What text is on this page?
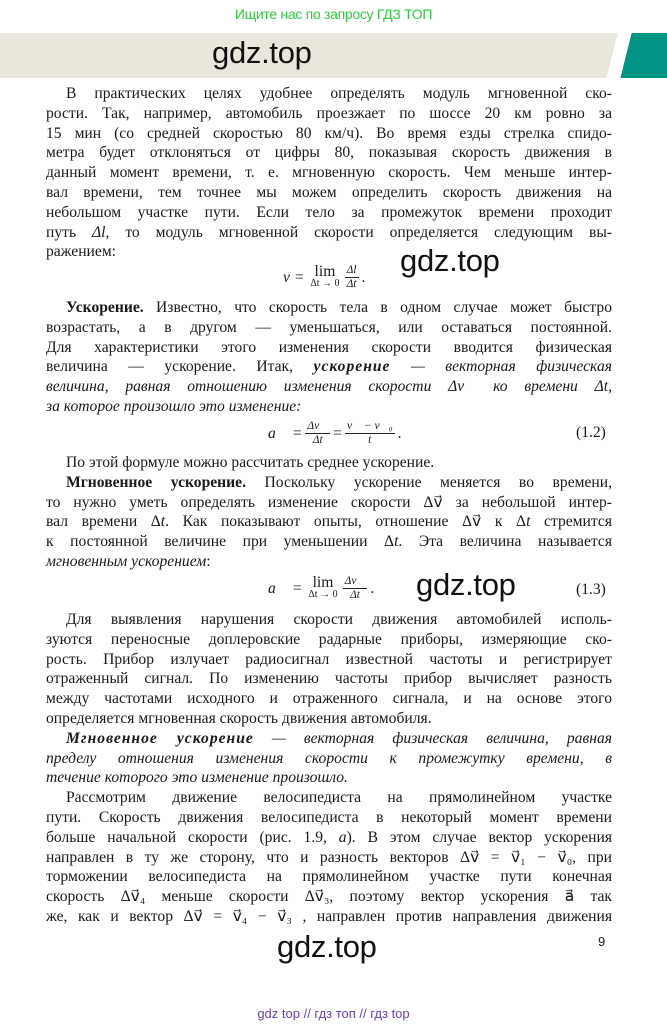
Ищите нас по запросу ГДЗ ТОП
gdz.top
gdz.top
gdz.top
gdz.top
В практических целях удобнее определять модуль мгновенной ско-
рости. Так, например, автомобиль проезжает по шоссе 20 км ровно за
15 мин (со средней скоростью 80 км/ч). Во время езды стрелка спидо-
метра будет отклоняться от цифры 80, показывая скорость движения в
данный момент времени, т. е. мгновенную скорость. Чем меньше интер-
вал времени, тем точнее мы можем определить скорость движения на
небольшом участке пути. Если тело за промежуток времени проходит
путь Δl, то модуль мгновенной скорости определяется следующим вы-
ражением:
v = lim
$\Delta t \to 0 \frac{\Delta l}{\Delta t}$ .
Ускорение. Известно, что скорость тела в одном случае может быстро
возрастать, а в другом — уменьшаться, или оставаться постоянной.
Для характеристики этого изменения скорости вводится физическая
величина — ускорение. Итак, ускорение — векторная физическая
величина, равная отношению изменения скорости Δv⃗ ко времени Δt,
за которое произошло это изменение:
a⃗ = $\frac{\Delta v⃗}{\Delta t} = \frac{\text{v⃗ − v⃗₀}}{t}$ .	(1.2)
По этой формуле можно рассчитать среднее ускорение.
Мгновенное ускорение. Поскольку ускорение меняется во времени,
то нужно уметь определять изменение скорости Δv⃗ за небольшой интер-
вал времени Δt. Как показывают опыты, отношение Δv⃗ к Δt стремится
к постоянной величине при уменьшении Δt. Эта величина называется
мгновенным ускорением:
a⃗ = lim
$\Delta t \to 0 \frac{\Delta v⃗}{\Delta t}$ .	(1.3)
Для выявления нарушения скорости движения автомобилей исполь-
зуются переносные доплеровские радарные приборы, измеряющие ско-
рость. Прибор излучает радиосигнал известной частоты и регистрирует
отраженный сигнал. По изменению частоты прибор вычисляет разность
между частотами исходного и отраженного сигнала, и на основе этого
определяется мгновенная скорость движения автомобиля.
Мгновенное ускорение — векторная физическая величина, равная
пределу отношения изменения скорости к промежутку времени, в
течение которого это изменение произошло.
Рассмотрим движение велосипедиста на прямолинейном участке
пути. Скорость движения велосипедиста в некоторый момент времени
больше начальной скорости (рис. 1.9, a). В этом случае вектор ускорения
направлен в ту же сторону, что и разность векторов Δv⃗ = v⃗₁ − v⃗₀, при
торможении велосипедиста на прямолинейном участке пути конечная
скорость Δv⃗₄ меньше скорости Δv⃗₃, поэтому вектор ускорения a⃗ так
же, как и вектор Δv⃗ = v⃗₄ − v⃗₃ , направлен против направления движения
9
gdz top // гдз топ // гдз top
